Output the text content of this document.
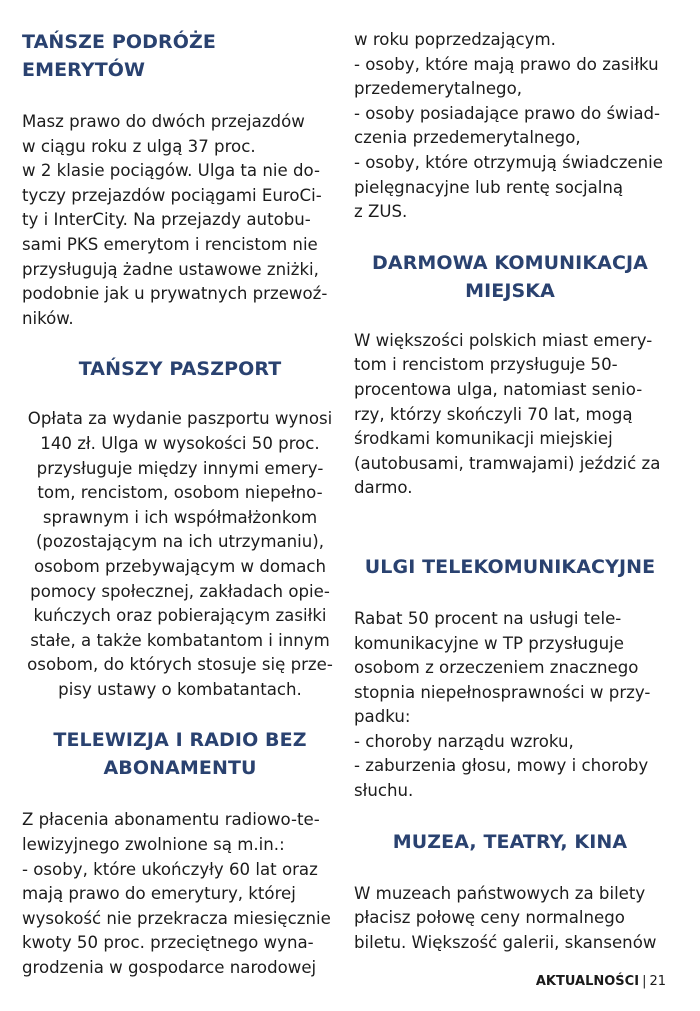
TAŃSZE PODRÓŻE EMERYTÓW

Masz prawo do dwóch przejazdów
w ciągu roku z ulgą 37 proc.
w 2 klasie pociągów. Ulga ta nie do-
tyczy przejazdów pociągami EuroCi-
ty i InterCity. Na przejazdy autobu-
sami PKS emerytom i rencistom nie
przysługują żadne ustawowe zniżki,
podobnie jak u prywatnych przewoź-
ników.

TAŃSZY PASZPORT

Opłata za wydanie paszportu wynosi
140 zł. Ulga w wysokości 50 proc.
przysługuje między innymi emery-
tom, rencistom, osobom niepełno-
sprawnym i ich współmałżonkom
(pozostającym na ich utrzymaniu),
osobom przebywającym w domach
pomocy społecznej, zakładach opie-
kuńczych oraz pobierającym zasiłki
stałe, a także kombatantom i innym
osobom, do których stosuje się prze-
pisy ustawy o kombatantach.

TELEWIZJA I RADIO BEZ
ABONAMENTU

Z płacenia abonamentu radiowo-te-
lewizyjnego zwolnione są m.in.:
- osoby, które ukończyły 60 lat oraz
mają prawo do emerytury, której
wysokość nie przekracza miesięcznie
kwoty 50 proc. przeciętnego wyna-
grodzenia w gospodarce narodowej

w roku poprzedzającym.
- osoby, które mają prawo do zasiłku
przedemerytalnego,
- osoby posiadające prawo do świad-
czenia przedemerytalnego,
- osoby, które otrzymują świadczenie
pielęgnacyjne lub rentę socjalną
z ZUS.

DARMOWA KOMUNIKACJA
MIEJSKA

W większości polskich miast emery-
tom i rencistom przysługuje 50-
procentowa ulga, natomiast senio-
rzy, którzy skończyli 70 lat, mogą
środkami komunikacji miejskiej
(autobusami, tramwajami) jeździć za
darmo.

ULGI TELEKOMUNIKACYJNE

Rabat 50 procent na usługi tele-
komunikacyjne w TP przysługuje
osobom z orzeczeniem znacznego
stopnia niepełnosprawności w przy-
padku:
- choroby narządu wzroku,
- zaburzenia głosu, mowy i choroby
słuchu.

MUZEA, TEATRY, KINA

W muzeach państwowych za bilety
płacisz połowę ceny normalnego
biletu. Większość galerii, skansenów

AKTUALNOŚCI | 21
